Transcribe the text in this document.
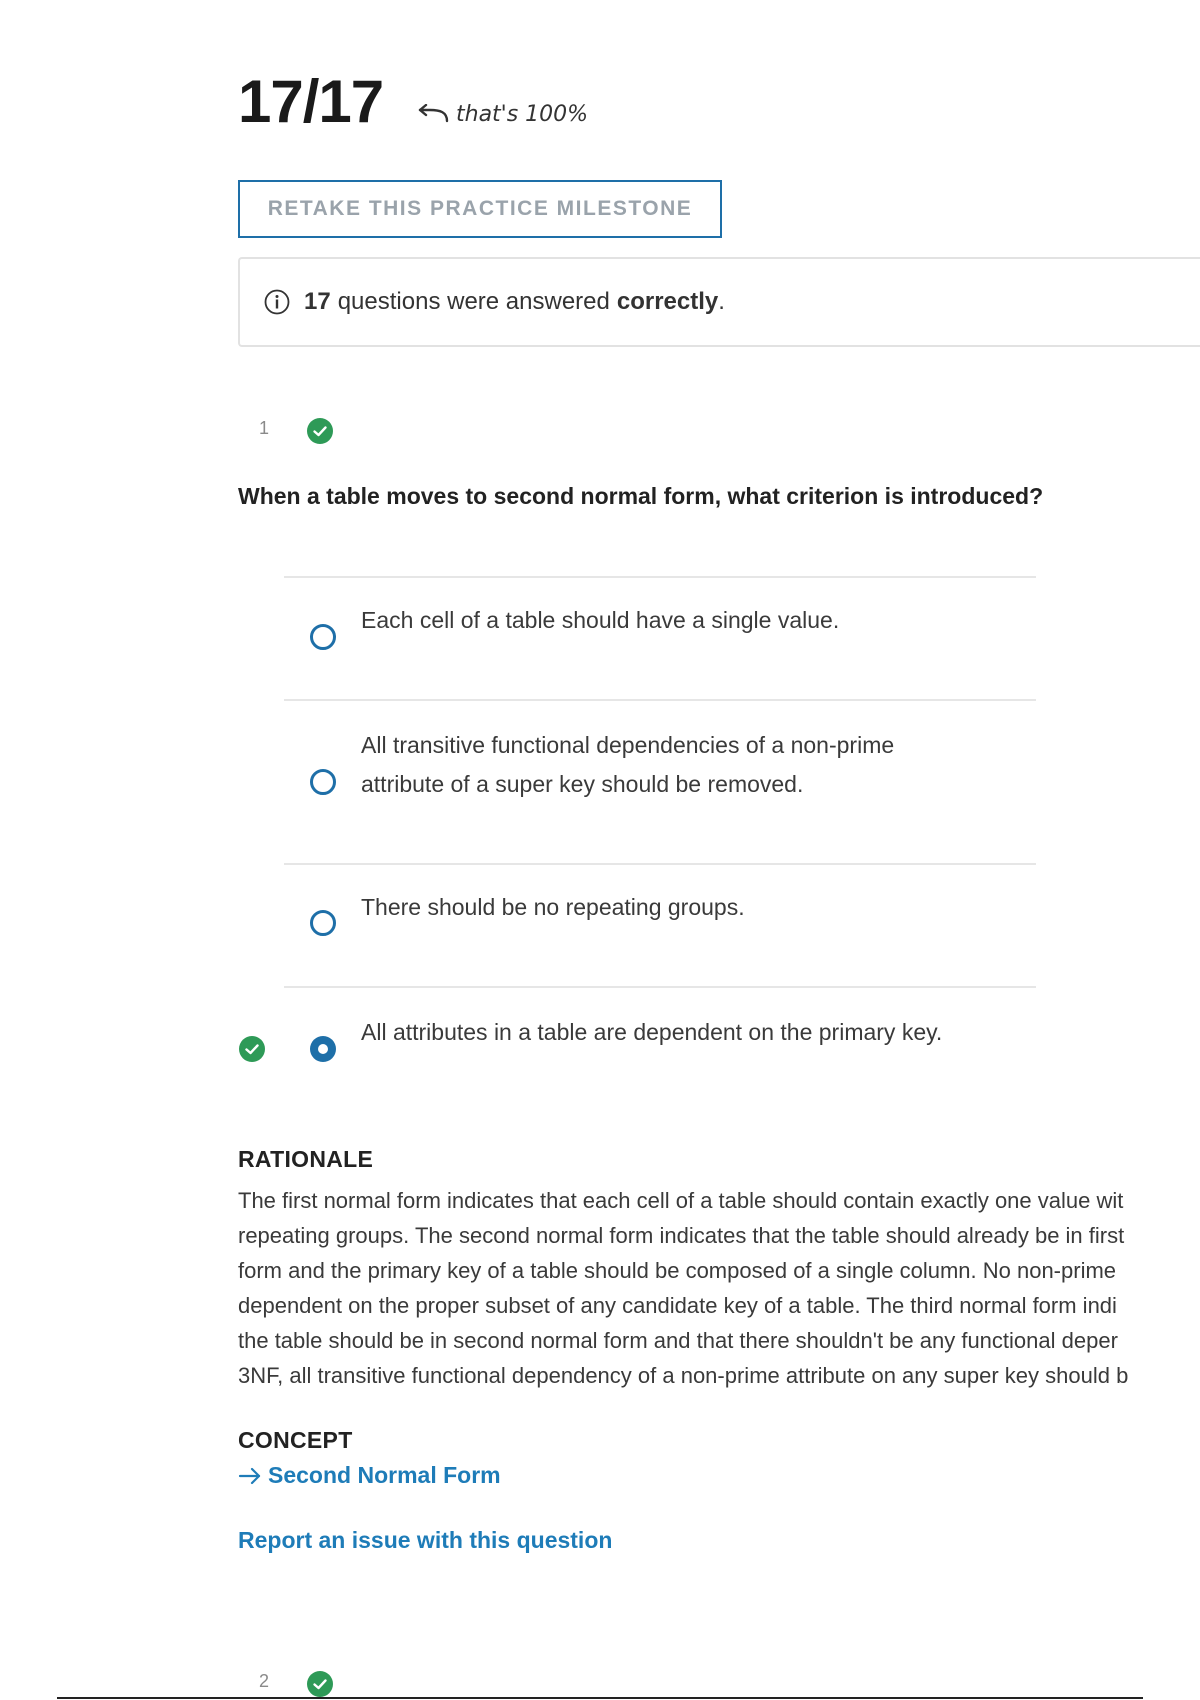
17/17	that's 100%
RETAKE THIS PRACTICE MILESTONE
17 questions were answered correctly .
1
When a table moves to second normal form, what criterion is introduced?
Each cell of a table should have a single value.
All transitive functional dependencies of a non-prime
attribute of a super key should be removed.
There should be no repeating groups.
All attributes in a table are dependent on the primary key.
RATIONALE
The first normal form indicates that each cell of a table should contain exactly one value wit
repeating groups. The second normal form indicates that the table should already be in first
form and the primary key of a table should be composed of a single column. No non-prime
dependent on the proper subset of any candidate key of a table. The third normal form indi
the table should be in second normal form and that there shouldn't be any functional deper
3NF, all transitive functional dependency of a non-prime attribute on any super key should b
CONCEPT
Second Normal Form
Report an issue with this question
2
